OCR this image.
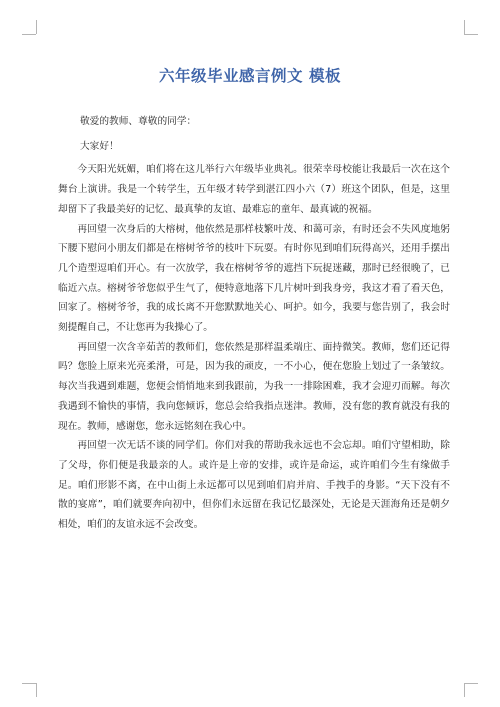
六年级毕业感言例文 模板

敬爱的教师、尊敬的同学：

大家好！

今天阳光妩媚，咱们将在这儿举行六年级毕业典礼。很荣幸母校能让我最后一次在这个舞台上演讲。我是一个转学生，五年级才转学到湛江四小六（7）班这个团队，但是，这里却留下了我最美好的记忆、最真挚的友谊、最难忘的童年、最真诚的祝福。

再回望一次身后的大榕树，他依然是那样枝繁叶茂、和蔼可亲，有时还会不失风度地躬下腰下慰问小朋友们都是在榕树爷爷的枝叶下玩耍。有时你见到咱们玩得高兴，还用手摆出几个造型逗咱们开心。有一次放学，我在榕树爷爷的遮挡下玩捉迷藏，那时已经很晚了，已临近六点。榕树爷爷您似乎生气了，便特意地落下几片树叶到我身旁，我这才看了看天色，回家了。榕树爷爷，我的成长离不开您默默地关心、呵护。如今，我要与您告别了，我会时刻提醒自己，不让您再为我操心了。

再回望一次含辛茹苦的教师们，您依然是那样温柔端庄、面持微笑。教师，您们还记得吗？您脸上原来光亮柔滑，可是，因为我的顽皮，一不小心，便在您脸上划过了一条皱纹。每次当我遇到难题，您便会悄悄地来到我跟前，为我一一排除困难，我才会迎刃而解。每次我遇到不愉快的事情，我向您倾诉，您总会给我指点迷津。教师，没有您的教育就没有我的现在。教师，感谢您，您永远铭刻在我心中。

再回望一次无话不谈的同学们。你们对我的帮助我永远也不会忘却。咱们守望相助，除了父母，你们便是我最亲的人。或许是上帝的安排，或许是命运，或许咱们今生有缘做手足。咱们形影不离，在中山街上永远都可以见到咱们肩并肩、手拽手的身影。“天下没有不散的宴席”，咱们就要奔向初中，但你们永远留在我记忆最深处，无论是天涯海角还是朝夕相处，咱们的友谊永远不会改变。
